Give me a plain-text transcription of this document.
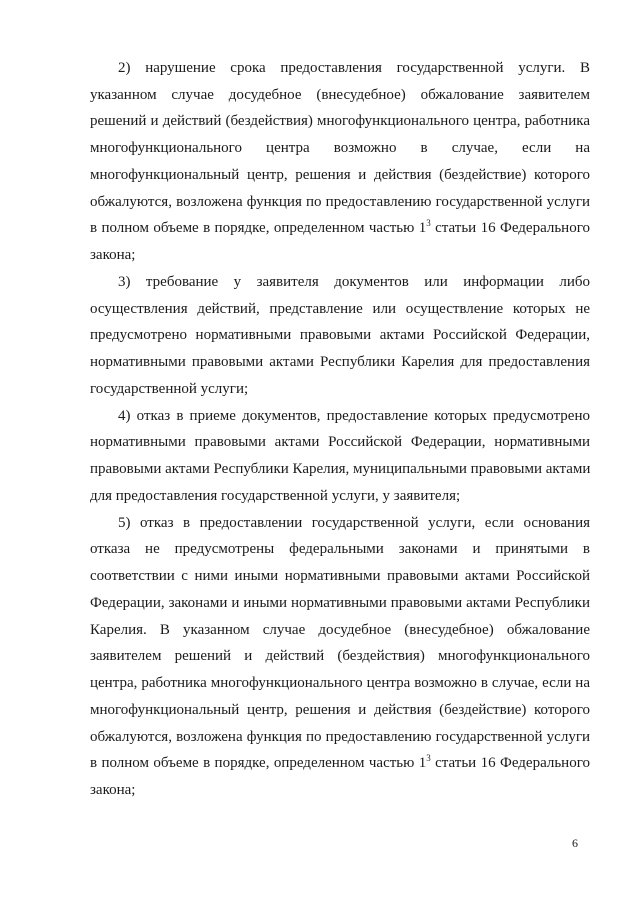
2) нарушение срока предоставления государственной услуги. В
указанном случае досудебное (внесудебное) обжалование заявителем
решений и действий (бездействия) многофункционального центра, работника
многофункционального центра возможно в случае, если на
многофункциональный центр, решения и действия (бездействие) которого
обжалуются, возложена функция по предоставлению государственной услуги
в полном объеме в порядке, определенном частью $1^3$ статьи 16 Федерального
закона;
3) требование у заявителя документов или информации либо
осуществления действий, представление или осуществление которых не
предусмотрено нормативными правовыми актами Российской Федерации,
нормативными правовыми актами Республики Карелия для предоставления
государственной услуги;
4) отказ в приеме документов, предоставление которых предусмотрено
нормативными правовыми актами Российской Федерации, нормативными
правовыми актами Республики Карелия, муниципальными правовыми актами
для предоставления государственной услуги, у заявителя;
5) отказ в предоставлении государственной услуги, если основания
отказа не предусмотрены федеральными законами и принятыми в
соответствии с ними иными нормативными правовыми актами Российской
Федерации, законами и иными нормативными правовыми актами Республики
Карелия. В указанном случае досудебное (внесудебное) обжалование
заявителем решений и действий (бездействия) многофункционального
центра, работника многофункционального центра возможно в случае, если на
многофункциональный центр, решения и действия (бездействие) которого
обжалуются, возложена функция по предоставлению государственной услуги
в полном объеме в порядке, определенном частью $1^3$ статьи 16 Федерального
закона;
6
